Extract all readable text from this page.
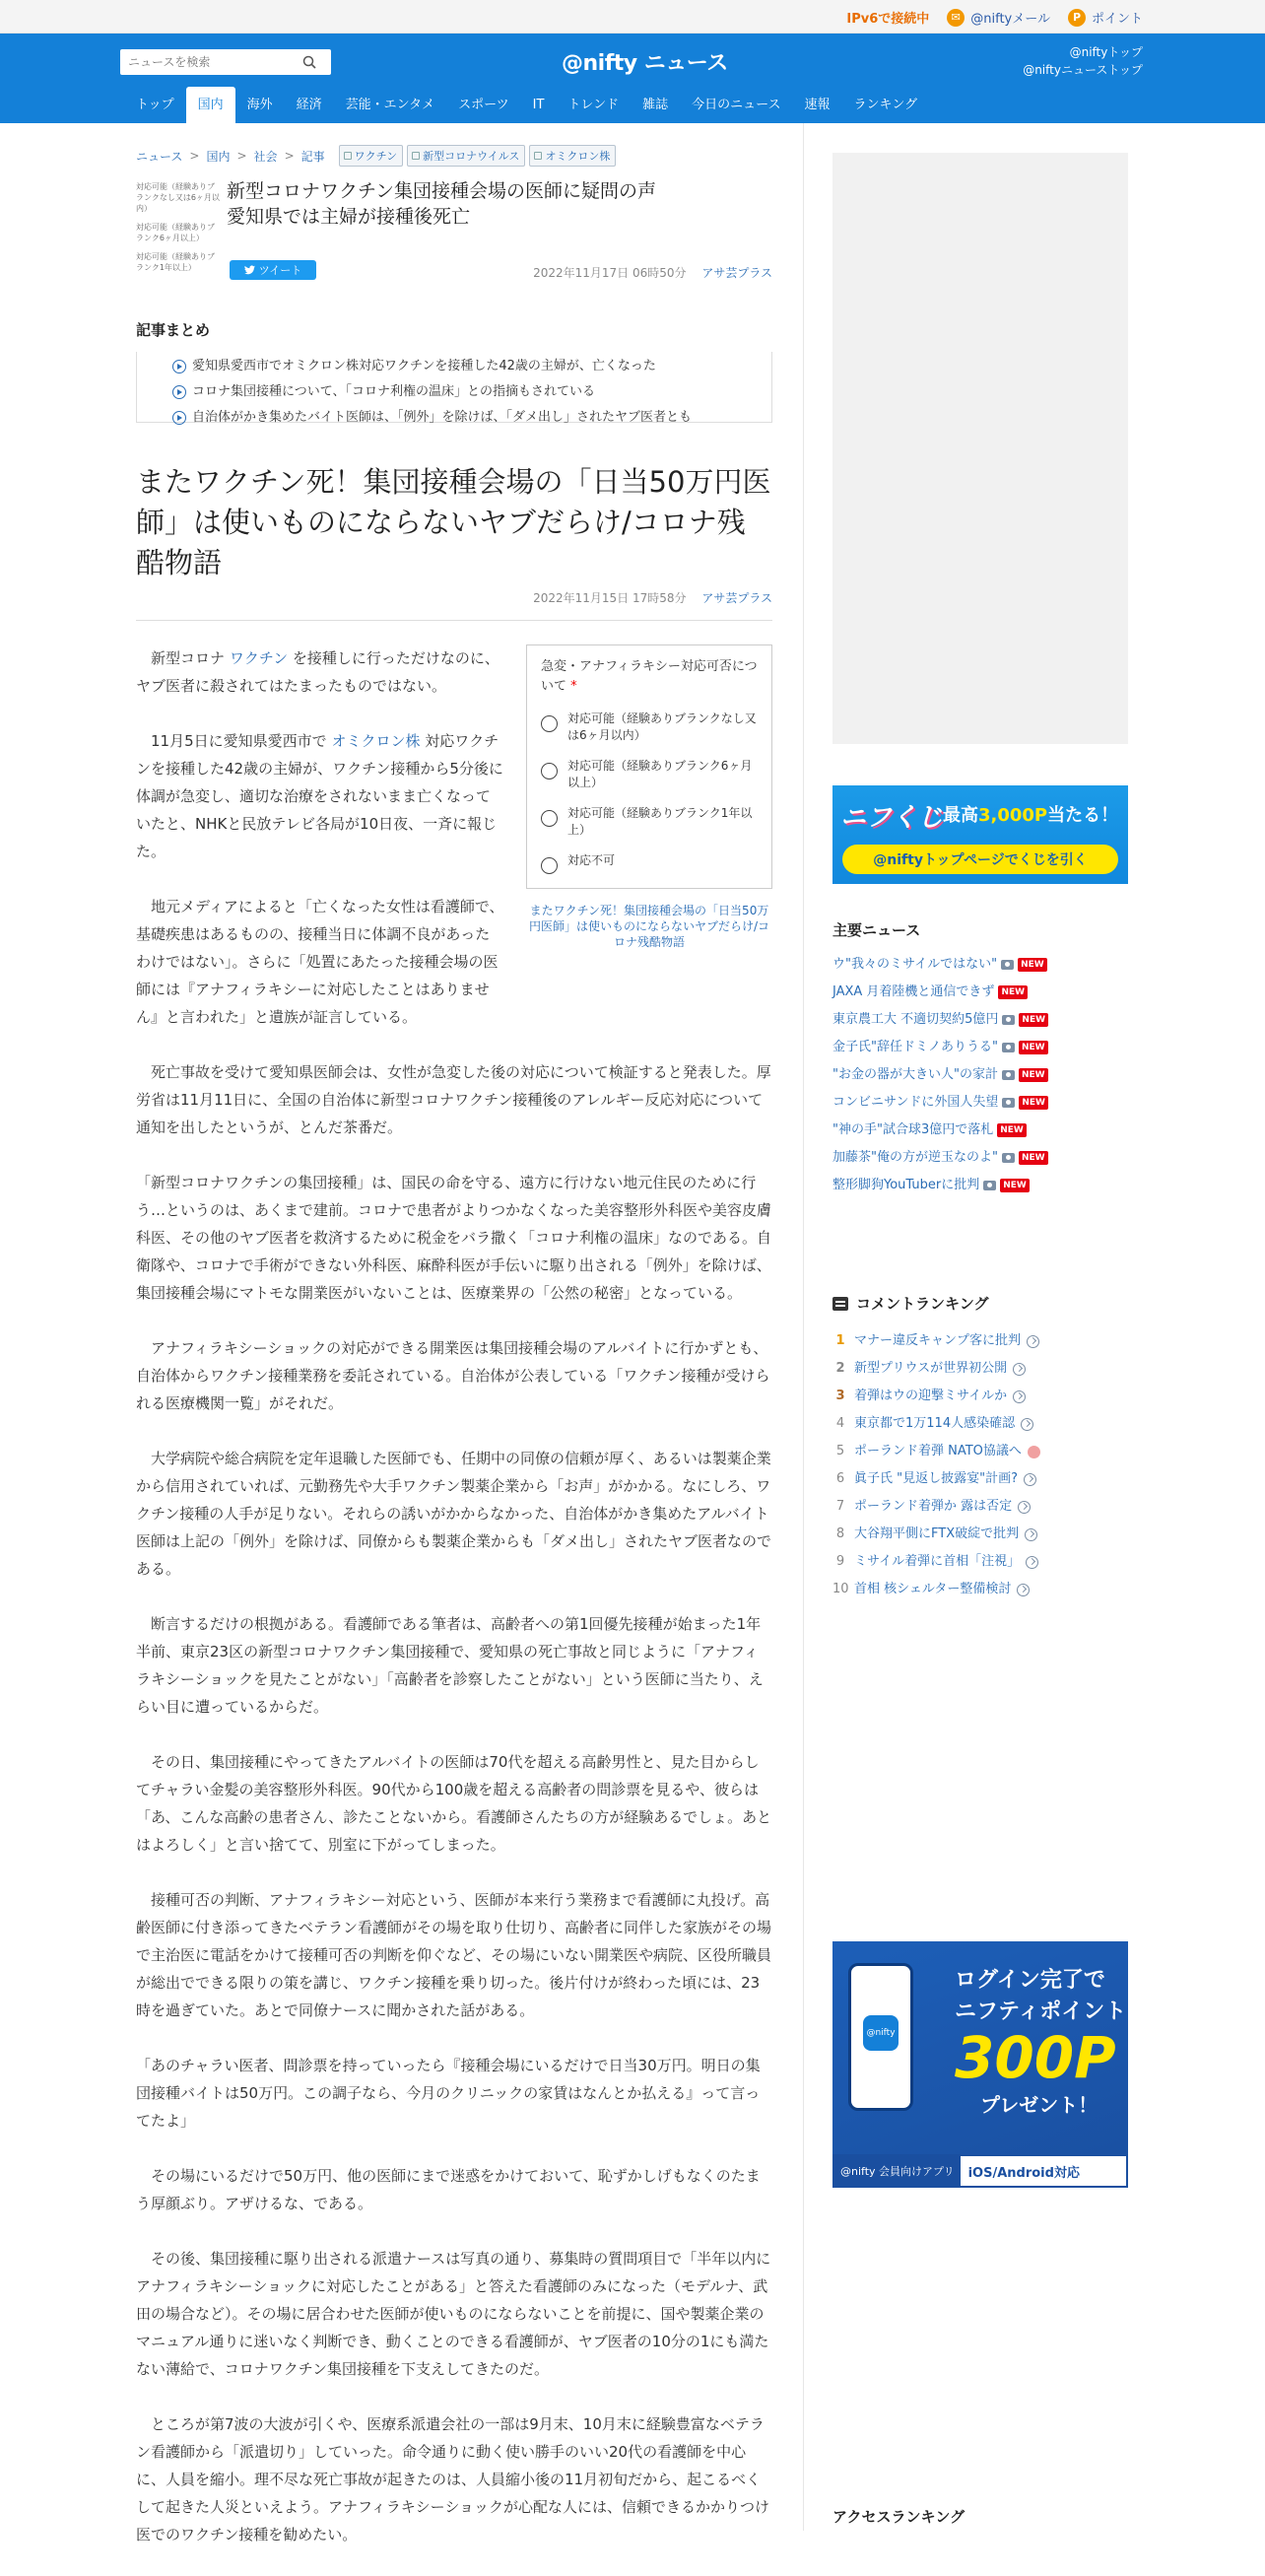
IPv6で接続中	✉ @niftyメール	P ポイント
ニュースを検索
@nifty ニュース	@niftyトップ
@niftyニューストップ
トップ	国内	海外	経済	芸能・エンタメ	スポーツ	IT	トレンド	雑誌	今日のニュース	速報	ランキング
ニュース > 国内 > 社会 > 記事	ワクチン 新型コロナウイルス オミクロン株
対応可能（経験ありブランクなし又は6ヶ月以内）
対応可能（経験ありブランク6ヶ月以上）
対応可能（経験ありブランク1年以上）
新型コロナワクチン集団接種会場の医師に疑問の声
愛知県では主婦が接種後死亡
ツイート	2022年11月17日 06時50分 アサ芸プラス
記事まとめ
愛知県愛西市でオミクロン株対応ワクチンを接種した42歳の主婦が、亡くなった
コロナ集団接種について、「コロナ利権の温床」との指摘もされている
自治体がかき集めたバイト医師は、「例外」を除けば、「ダメ出し」されたヤブ医者とも
またワクチン死！集団接種会場の「日当50万円医師」は使いものにならないヤブだらけ/コロナ残酷物語
2022年11月15日 17時58分 アサ芸プラス

　新型コロナ ワクチン を接種しに行っただけなのに、ヤブ医者に殺されてはたまったものではない。

　11月5日に愛知県愛西市で オミクロン株 対応ワクチンを接種した42歳の主婦が、ワクチン接種から5分後に体調が急変し、適切な治療をされないまま亡くなっていたと、NHKと民放テレビ各局が10日夜、一斉に報じた。

　地元メディアによると「亡くなった女性は看護師で、基礎疾患はあるものの、接種当日に体調不良があったわけではない」。さらに「処置にあたった接種会場の医師には『アナフィラキシーに対応したことはありません』と言われた」と遺族が証言している。

　死亡事故を受けて愛知県医師会は、女性が急変した後の対応について検証すると発表した。厚労省は11月11日に、全国の自治体に新型コロナワクチン接種後のアレルギー反応対応について通知を出したというが、とんだ茶番だ。

「新型コロナワクチンの集団接種」は、国民の命を守る、遠方に行けない地元住民のために行う…というのは、あくまで建前。コロナで患者がよりつかなくなった美容整形外科医や美容皮膚科医、その他のヤブ医者を救済するために税金をバラ撒く「コロナ利権の温床」なのである。自衛隊や、コロナで手術ができない外科医、麻酔科医が手伝いに駆り出される「例外」を除けば、集団接種会場にマトモな開業医がいないことは、医療業界の「公然の秘密」となっている。

　アナフィラキシーショックの対応ができる開業医は集団接種会場のアルバイトに行かずとも、自治体からワクチン接種業務を委託されている。自治体が公表している「ワクチン接種が受けられる医療機関一覧」がそれだ。

　大学病院や総合病院を定年退職した医師でも、任期中の同僚の信頼が厚く、あるいは製薬企業から信用されていれば、元勤務先や大手ワクチン製薬企業から「お声」がかかる。なにしろ、ワクチン接種の人手が足りない。それらの誘いがかからなかった、自治体がかき集めたアルバイト医師は上記の「例外」を除けば、同僚からも製薬企業からも「ダメ出し」されたヤブ医者なのである。

　断言するだけの根拠がある。看護師である筆者は、高齢者への第1回優先接種が始まった1年半前、東京23区の新型コロナワクチン集団接種で、愛知県の死亡事故と同じように「アナフィラキシーショックを見たことがない」「高齢者を診察したことがない」という医師に当たり、えらい目に遭っているからだ。

　その日、集団接種にやってきたアルバイトの医師は70代を超える高齢男性と、見た目からしてチャラい金髪の美容整形外科医。90代から100歳を超える高齢者の問診票を見るや、彼らは「あ、こんな高齢の患者さん、診たことないから。看護師さんたちの方が経験あるでしょ。あとはよろしく」と言い捨てて、別室に下がってしまった。

　接種可否の判断、アナフィラキシー対応という、医師が本来行う業務まで看護師に丸投げ。高齢医師に付き添ってきたベテラン看護師がその場を取り仕切り、高齢者に同伴した家族がその場で主治医に電話をかけて接種可否の判断を仰ぐなど、その場にいない開業医や病院、区役所職員が総出でできる限りの策を講じ、ワクチン接種を乗り切った。後片付けが終わった頃には、23時を過ぎていた。あとで同僚ナースに聞かされた話がある。

「あのチャラい医者、問診票を持っていったら『接種会場にいるだけで日当30万円。明日の集団接種バイトは50万円。この調子なら、今月のクリニックの家賃はなんとか払える』って言ってたよ」

　その場にいるだけで50万円、他の医師にまで迷惑をかけておいて、恥ずかしげもなくのたまう厚顔ぶり。アザけるな、である。

　その後、集団接種に駆り出される派遣ナースは写真の通り、募集時の質問項目で「半年以内にアナフィラキシーショックに対応したことがある」と答えた看護師のみになった（モデルナ、武田の場合など）。その場に居合わせた医師が使いものにならないことを前提に、国や製薬企業のマニュアル通りに迷いなく判断でき、動くことのできる看護師が、ヤブ医者の10分の1にも満たない薄給で、コロナワクチン集団接種を下支えしてきたのだ。

　ところが第7波の大波が引くや、医療系派遣会社の一部は9月末、10月末に経験豊富なベテラン看護師から「派遣切り」していった。命令通りに動く使い勝手のいい20代の看護師を中心に、人員を縮小。理不尽な死亡事故が起きたのは、人員縮小後の11月初旬だから、起こるべくして起きた人災といえよう。アナフィラキシーショックが心配な人には、信頼できるかかりつけ医でのワクチン接種を勧めたい。

急変・アナフィラキシー対応可否について *
対応可能（経験ありブランクなし又は6ヶ月以内）
対応可能（経験ありブランク6ヶ月以上）
対応可能（経験ありブランク1年以上）
対応不可
またワクチン死！集団接種会場の「日当50万円医師」は使いものにならないヤブだらけ/コロナ残酷物語
ニフくじ 最高3,000P当たる！
@niftyトップページでくじを引く
主要ニュース
ウ"我々のミサイルではない"	NEW
JAXA 月着陸機と通信できず NEW
東京農工大 不適切契約5億円	NEW
金子氏"辞任ドミノありうる"	NEW
"お金の器が大きい人"の家計	NEW
コンビニサンドに外国人失望	NEW
"神の手"試合球3億円で落札 NEW
加藤茶"俺の方が逆玉なのよ"	NEW
整形脚狗YouTuberに批判	NEW
コメントランキング
1 マナー違反キャンプ客に批判
2 新型プリウスが世界初公開
3 着弾はウの迎撃ミサイルか
4 東京都で1万114人感染確認
5 ポーランド着弾 NATO協議へ
6 眞子氏 "見返し披露宴"計画?
7 ポーランド着弾か 露は否定
8 大谷翔平側にFTX破綻で批判
9 ミサイル着弾に首相「注視」
10 首相 核シェルター整備検討
@nifty
ログイン完了で
ニフティポイント
300P
プレゼント！
@nifty 会員向けアプリ	iOS/Android対応
アクセスランキング
